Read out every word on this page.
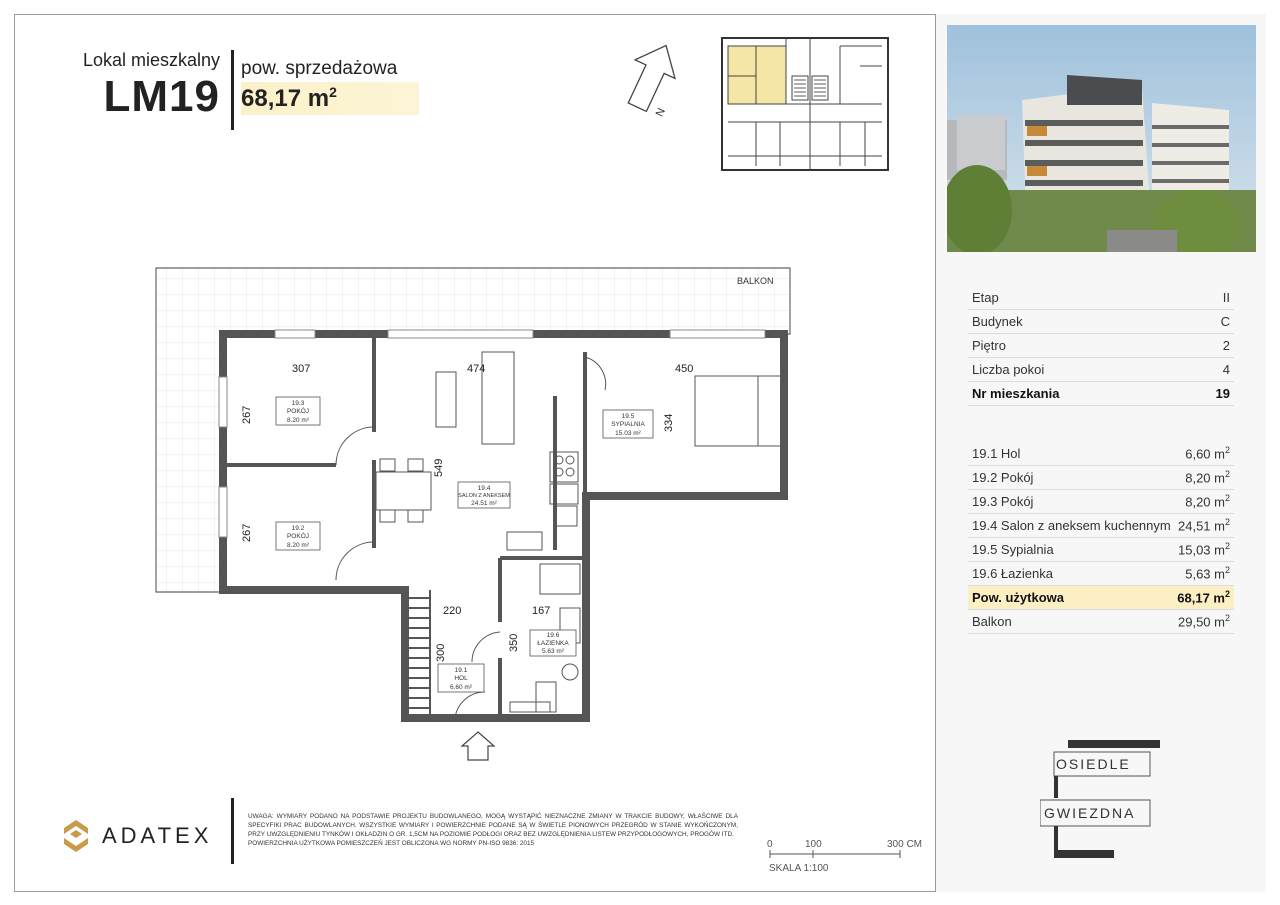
Lokal mieszkalny
LM19
pow. sprzedażowa
68,17 $m^2$
N
Etap	II
Budynek	C
Piętro	2
Liczba pokoi	4
Nr mieszkania	19
19.1 Hol	6,60 $m^2$
19.2 Pokój	8,20 $m^2$
19.3 Pokój	8,20 $m^2$
19.4 Salon z aneksem kuchennym 24,51 $m^2$
19.5 Sypialnia	15,03 $m^2$
19.6 Łazienka	5,63 $m^2$
Pow. użytkowa	68,17 $m^2$
Balkon	29,50 $m^2$
BALKON
307	474	450
267
267
549
334
220	167
350
300
19.3
POKÓJ
8.20 m²
19.2
POKÓJ
8.20 m²
19.4
SALON Z ANEKSEM
24.51 m²
19.5
SYPIALNIA
15.03 m²
19.6
ŁAZIENKA
5.63 m²
19.1
HOL
6.60 m²
ADATEX
UWAGA: WYMIARY PODANO NA PODSTAWIE PROJEKTU BUDOWLANEGO, MOGĄ WYSTĄPIĆ NIEZNACZNE ZMIANY W TRAKCIE BUDOWY, WŁAŚCIWE DLA SPECYFIKI PRAC BUDOWLANYCH. WSZYSTKIE WYMIARY I POWIERZCHNIE PODANE SĄ W ŚWIETLE PIONOWYCH PRZEGRÓD W STANIE WYKOŃCZONYM, PRZY UWZGLĘDNIENIU TYNKÓW I OKŁADZIN O GR. 1,5CM NA POZIOMIE PODŁOGI ORAZ BEZ UWZGLĘDNIENIA LISTEW PRZYPODŁOGOWYCH, PROGÓW ITD.
POWIERZCHNIA UŻYTKOWA POMIESZCZEŃ JEST OBLICZONA WG NORMY PN-ISO 9836: 2015	0	100	300 CM
SKALA 1:100
OSIEDLE
GWIEZDNA
